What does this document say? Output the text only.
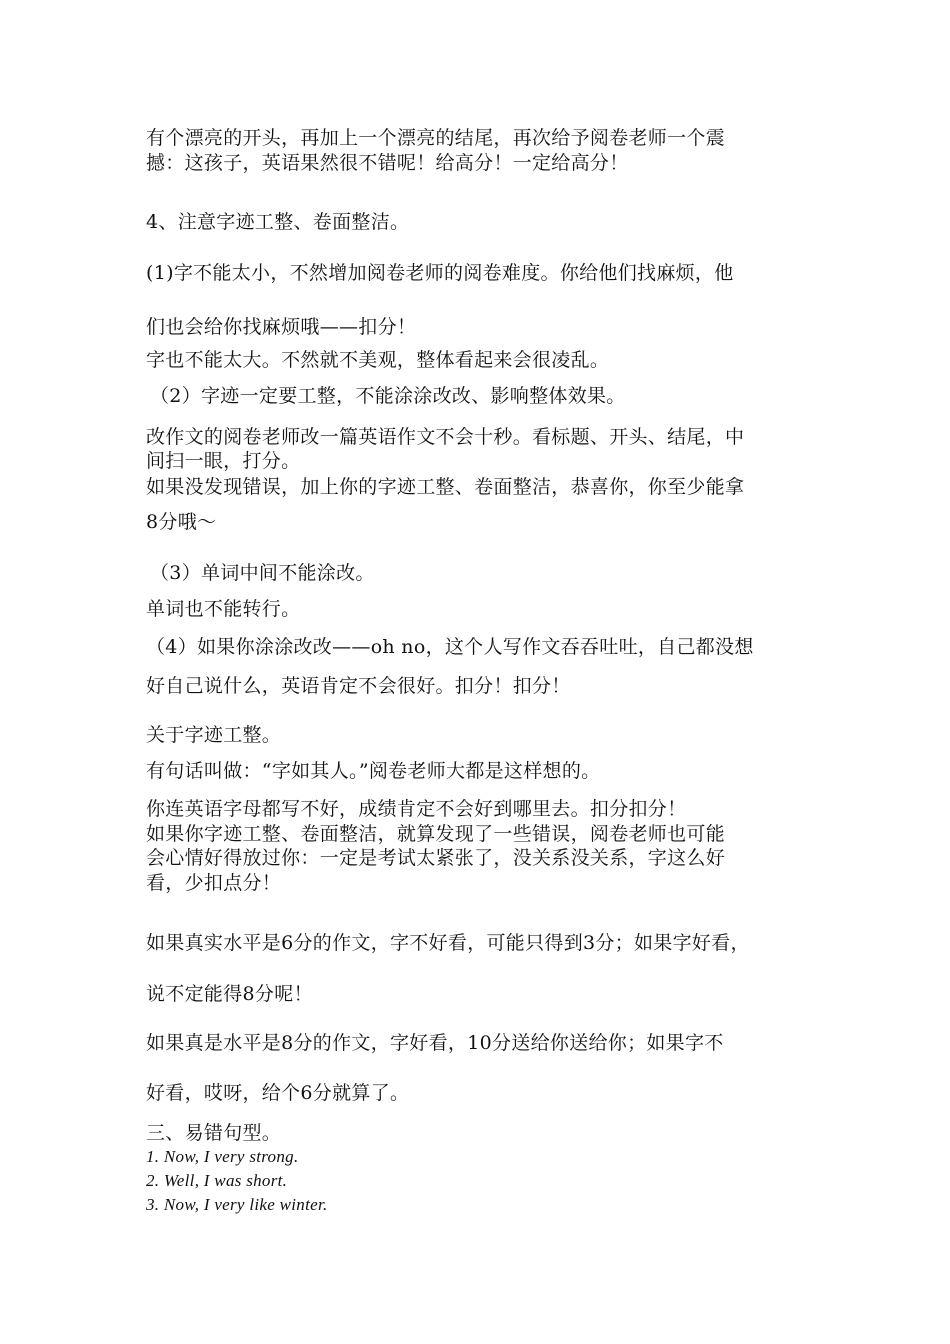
有个漂亮的开头，再加上一个漂亮的结尾，再次给予阅卷老师一个震

撼：这孩子，英语果然很不错呢！给高分！一定给高分！

4、注意字迹工整、卷面整洁。

(1)字不能太小，不然增加阅卷老师的阅卷难度。你给他们找麻烦，他

们也会给你找麻烦哦——扣分！

字也不能太大。不然就不美观，整体看起来会很凌乱。

（2）字迹一定要工整，不能涂涂改改、影响整体效果。

改作文的阅卷老师改一篇英语作文不会十秒。看标题、开头、结尾，中

间扫一眼，打分。

如果没发现错误，加上你的字迹工整、卷面整洁，恭喜你，你至少能拿

8分哦～

（3）单词中间不能涂改。

单词也不能转行。

（4）如果你涂涂改改——oh no，这个人写作文吞吞吐吐，自己都没想

好自己说什么，英语肯定不会很好。扣分！扣分！

关于字迹工整。

有句话叫做：“字如其人。”阅卷老师大都是这样想的。

你连英语字母都写不好，成绩肯定不会好到哪里去。扣分扣分！

如果你字迹工整、卷面整洁，就算发现了一些错误，阅卷老师也可能

会心情好得放过你：一定是考试太紧张了，没关系没关系，字这么好

看，少扣点分！

如果真实水平是6分的作文，字不好看，可能只得到3分；如果字好看，

说不定能得8分呢！

如果真是水平是8分的作文，字好看，10分送给你送给你；如果字不

好看，哎呀，给个6分就算了。

三、易错句型。

1. Now, I very strong.

2. Well, I was short.

3. Now, I very like winter.
